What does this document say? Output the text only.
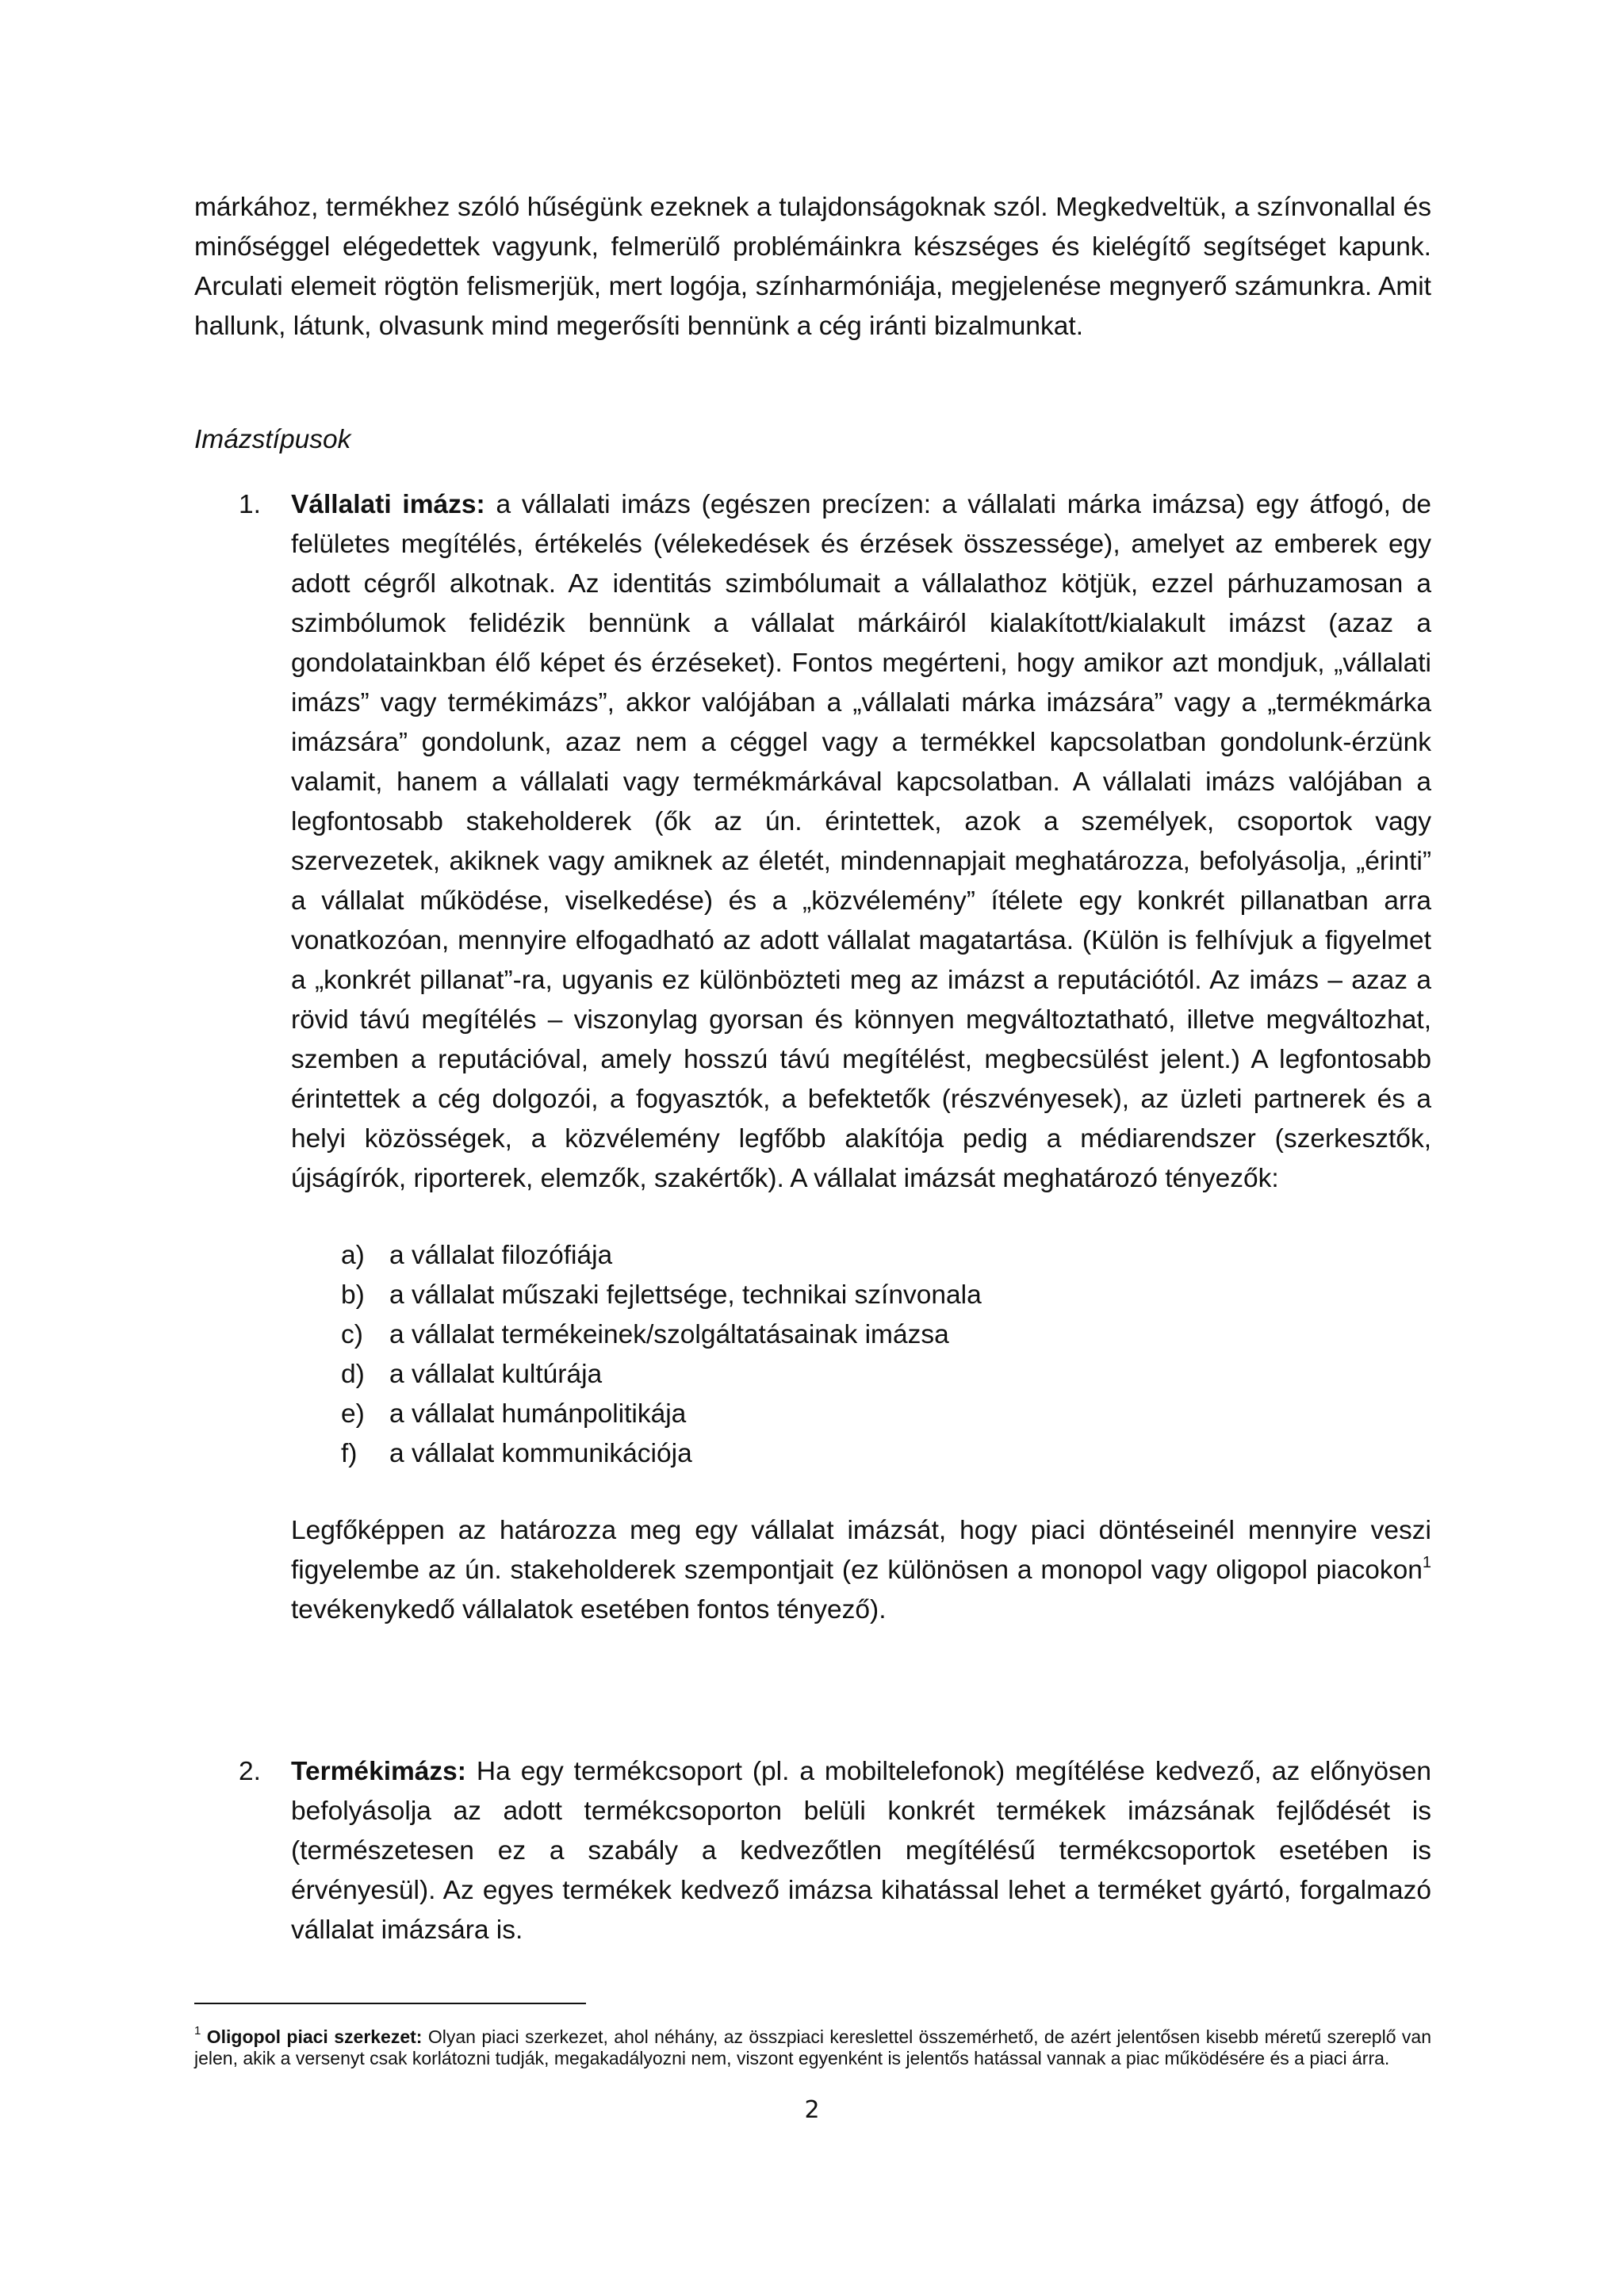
márkához, termékhez szóló hűségünk ezeknek a tulajdonságoknak szól. Megkedveltük, a színvonallal és minőséggel elégedettek vagyunk, felmerülő problémáinkra készséges és kielégítő segítséget kapunk. Arculati elemeit rögtön felismerjük, mert logója, színharmóniája, megjelenése megnyerő számunkra. Amit hallunk, látunk, olvasunk mind megerősíti bennünk a cég iránti bizalmunkat.

Imázstípusok

1. Vállalati imázs: a vállalati imázs (egészen precízen: a vállalati márka imázsa) egy átfogó, de felületes megítélés, értékelés (vélekedések és érzések összessége), amelyet az emberek egy adott cégről alkotnak. Az identitás szimbólumait a vállalathoz kötjük, ezzel párhuzamosan a szimbólumok felidézik bennünk a vállalat márkáiról kialakított/kialakult imázst (azaz a gondolatainkban élő képet és érzéseket). Fontos megérteni, hogy amikor azt mondjuk, „vállalati imázs” vagy termékimázs”, akkor valójában a „vállalati márka imázsára” vagy a „termékmárka imázsára” gondolunk, azaz nem a céggel vagy a termékkel kapcsolatban gondolunk-érzünk valamit, hanem a vállalati vagy termékmárkával kapcsolatban. A vállalati imázs valójában a legfontosabb stakeholderek (ők az ún. érintettek, azok a személyek, csoportok vagy szervezetek, akiknek vagy amiknek az életét, mindennapjait meghatározza, befolyásolja, „érinti” a vállalat működése, viselkedése) és a „közvélemény” ítélete egy konkrét pillanatban arra vonatkozóan, mennyire elfogadható az adott vállalat magatartása. (Külön is felhívjuk a figyelmet a „konkrét pillanat”-ra, ugyanis ez különbözteti meg az imázst a reputációtól. Az imázs – azaz a rövid távú megítélés – viszonylag gyorsan és könnyen megváltoztatható, illetve megváltozhat, szemben a reputációval, amely hosszú távú megítélést, megbecsülést jelent.) A legfontosabb érintettek a cég dolgozói, a fogyasztók, a befektetők (részvényesek), az üzleti partnerek és a helyi közösségek, a közvélemény legfőbb alakítója pedig a médiarendszer (szerkesztők, újságírók, riporterek, elemzők, szakértők). A vállalat imázsát meghatározó tényezők:

a) a vállalat filozófiája
b) a vállalat műszaki fejlettsége, technikai színvonala
c) a vállalat termékeinek/szolgáltatásainak imázsa
d) a vállalat kultúrája
e) a vállalat humánpolitikája
f) a vállalat kommunikációja

Legfőképpen az határozza meg egy vállalat imázsát, hogy piaci döntéseinél mennyire veszi figyelembe az ún. stakeholderek szempontjait (ez különösen a monopol vagy oligopol piacokon$^1$ tevékenykedő vállalatok esetében fontos tényező).

2. Termékimázs: Ha egy termékcsoport (pl. a mobiltelefonok) megítélése kedvező, az előnyösen befolyásolja az adott termékcsoporton belüli konkrét termékek imázsának fejlődését is (természetesen ez a szabály a kedvezőtlen megítélésű termékcsoportok esetében is érvényesül). Az egyes termékek kedvező imázsa kihatással lehet a terméket gyártó, forgalmazó vállalat imázsára is.

$^1$ Oligopol piaci szerkezet: Olyan piaci szerkezet, ahol néhány, az összpiaci kereslettel összemérhető, de azért jelentősen kisebb méretű szereplő van jelen, akik a versenyt csak korlátozni tudják, megakadályozni nem, viszont egyenként is jelentős hatással vannak a piac működésére és a piaci árra.

2
